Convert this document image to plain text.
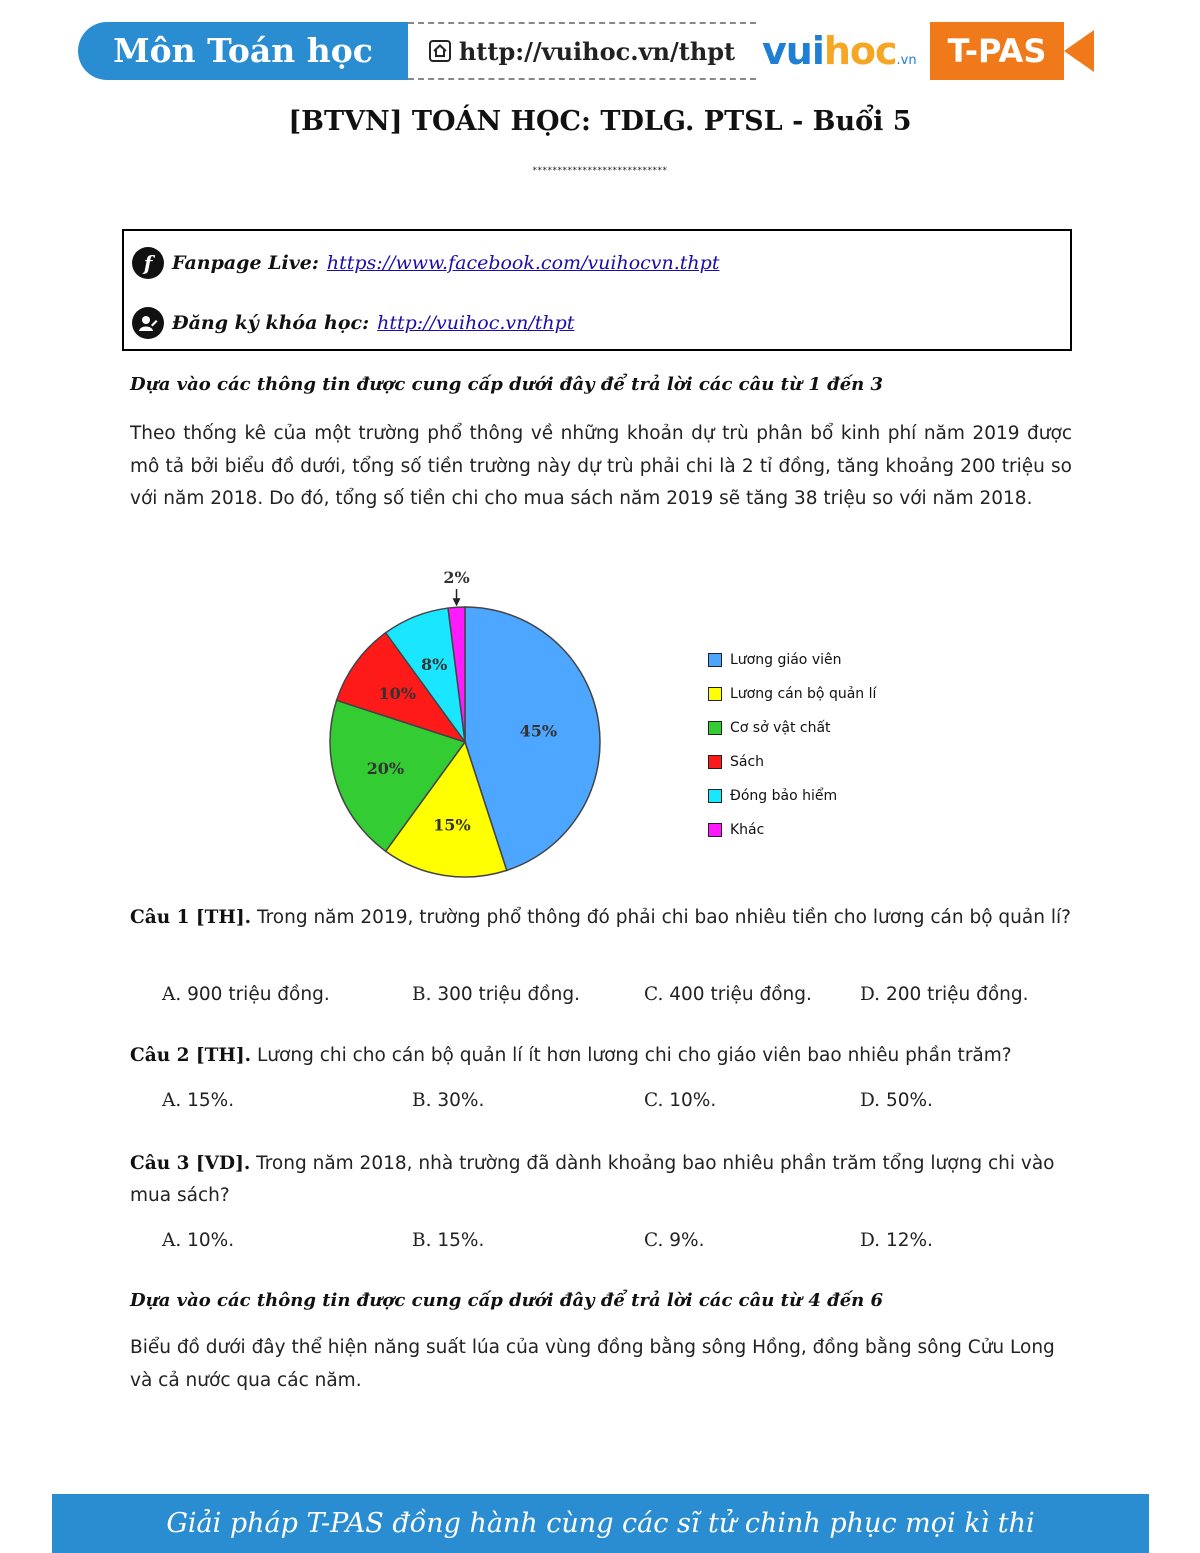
Môn Toán học	http://vuihoc.vn/thpt vuihoc.vn T-PAS
[BTVN] TOÁN HỌC: TDLG. PTSL - Buổi 5
***************************
f	Fanpage Live: https://www.facebook.com/vuihocvn.thpt
Đăng ký khóa học: http://vuihoc.vn/thpt
Dựa vào các thông tin được cung cấp dưới đây để trả lời các câu từ 1 đến 3
Theo thống kê của một trường phổ thông về những khoản dự trù phân bổ kinh phí năm 2019 được mô tả bởi biểu đồ dưới, tổng số tiền trường này dự trù phải chi là 2 tỉ đồng, tăng khoảng 200 triệu so với năm 2018. Do đó, tổng số tiền chi cho mua sách năm 2019 sẽ tăng 38 triệu so với năm 2018.
45%
15%
20%
10%
8%
2%
Lương giáo viên
Lương cán bộ quản lí
Cơ sở vật chất
Sách
Đóng bảo hiểm
Khác
Câu 1 [TH]. Trong năm 2019, trường phổ thông đó phải chi bao nhiêu tiền cho lương cán bộ quản lí?
A. 900 triệu đồng.	B. 300 triệu đồng.	C. 400 triệu đồng.	D. 200 triệu đồng.
Câu 2 [TH]. Lương chi cho cán bộ quản lí ít hơn lương chi cho giáo viên bao nhiêu phần trăm?
A. 15%.	B. 30%.	C. 10%.	D. 50%.
Câu 3 [VD]. Trong năm 2018, nhà trường đã dành khoảng bao nhiêu phần trăm tổng lượng chi vào mua sách?
A. 10%.	B. 15%.	C. 9%.	D. 12%.
Dựa vào các thông tin được cung cấp dưới đây để trả lời các câu từ 4 đến 6
Biểu đồ dưới đây thể hiện năng suất lúa của vùng đồng bằng sông Hồng, đồng bằng sông Cửu Long và cả nước qua các năm.
Giải pháp T-PAS đồng hành cùng các sĩ tử chinh phục mọi kì thi
